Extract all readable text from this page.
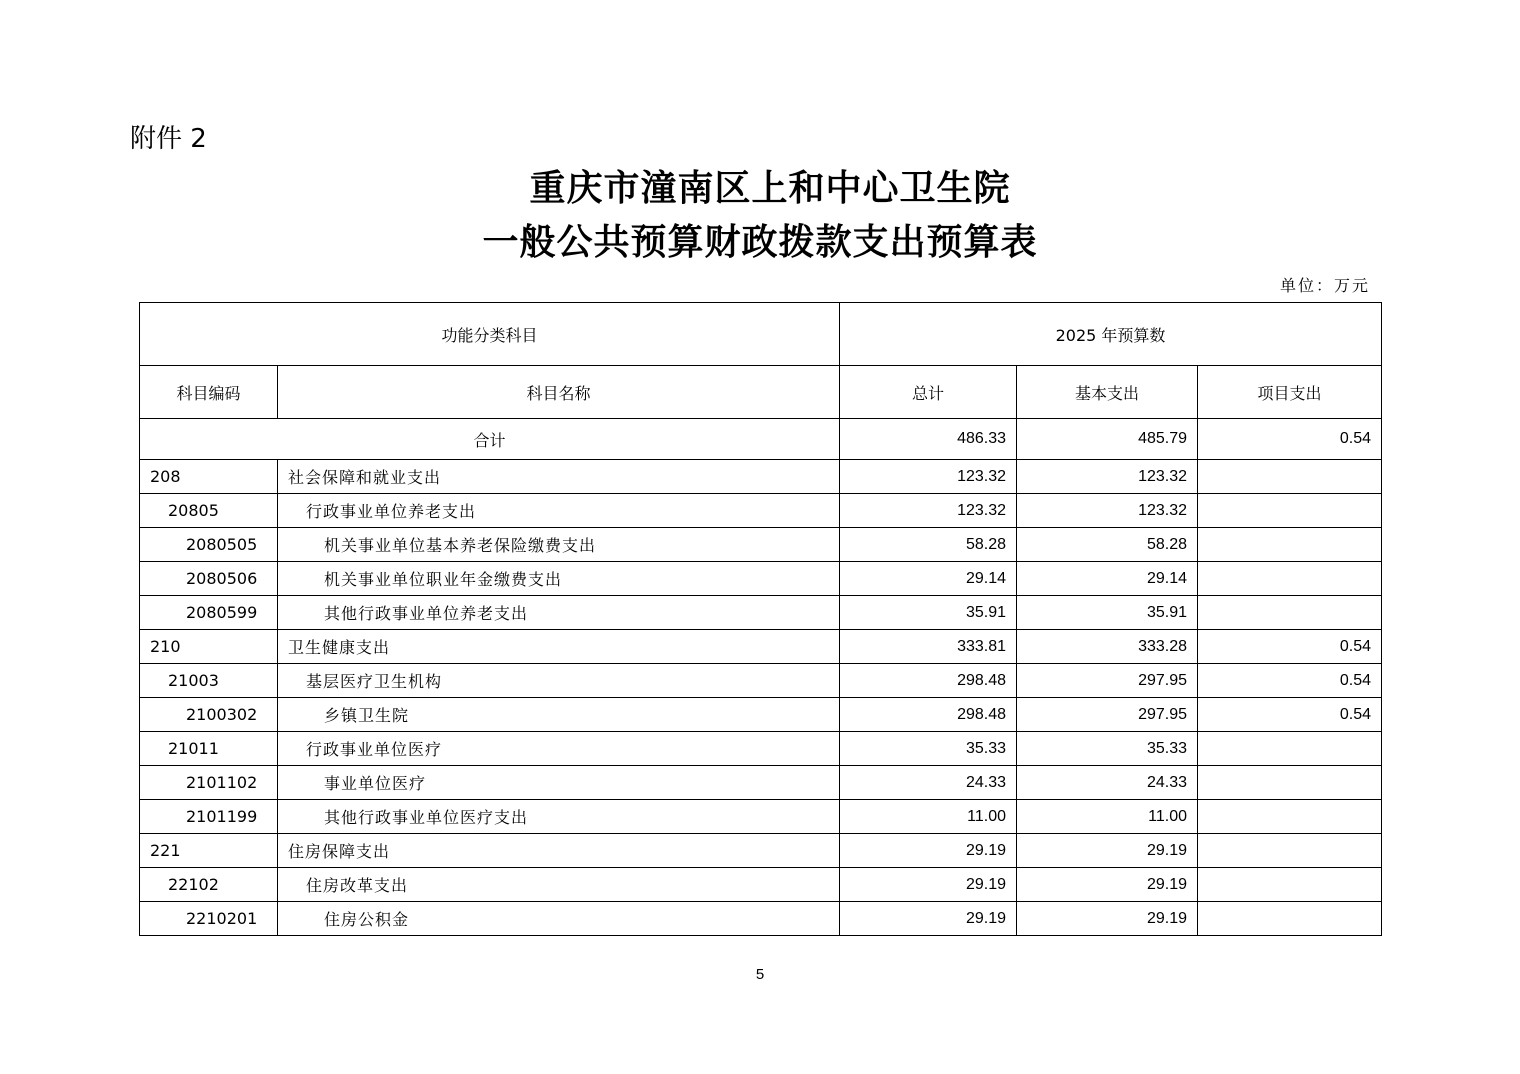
附件 2
重庆市潼南区上和中心卫生院
一般公共预算财政拨款支出预算表
单位：万元
功能分类科目		2025 年预算数		
科目编码	科目名称	总计	基本支出	项目支出
合计		486.33	485.79	0.54
208	社会保障和就业支出	123.32	123.32	
20805	行政事业单位养老支出	123.32	123.32	
2080505	机关事业单位基本养老保险缴费支出	58.28	58.28	
2080506	机关事业单位职业年金缴费支出	29.14	29.14	
2080599	其他行政事业单位养老支出	35.91	35.91	
210	卫生健康支出	333.81	333.28	0.54
21003	基层医疗卫生机构	298.48	297.95	0.54
2100302	乡镇卫生院	298.48	297.95	0.54
21011	行政事业单位医疗	35.33	35.33	
2101102	事业单位医疗	24.33	24.33	
2101199	其他行政事业单位医疗支出	11.00	11.00	
221	住房保障支出	29.19	29.19	
22102	住房改革支出	29.19	29.19	
2210201	住房公积金	29.19	29.19	
5
